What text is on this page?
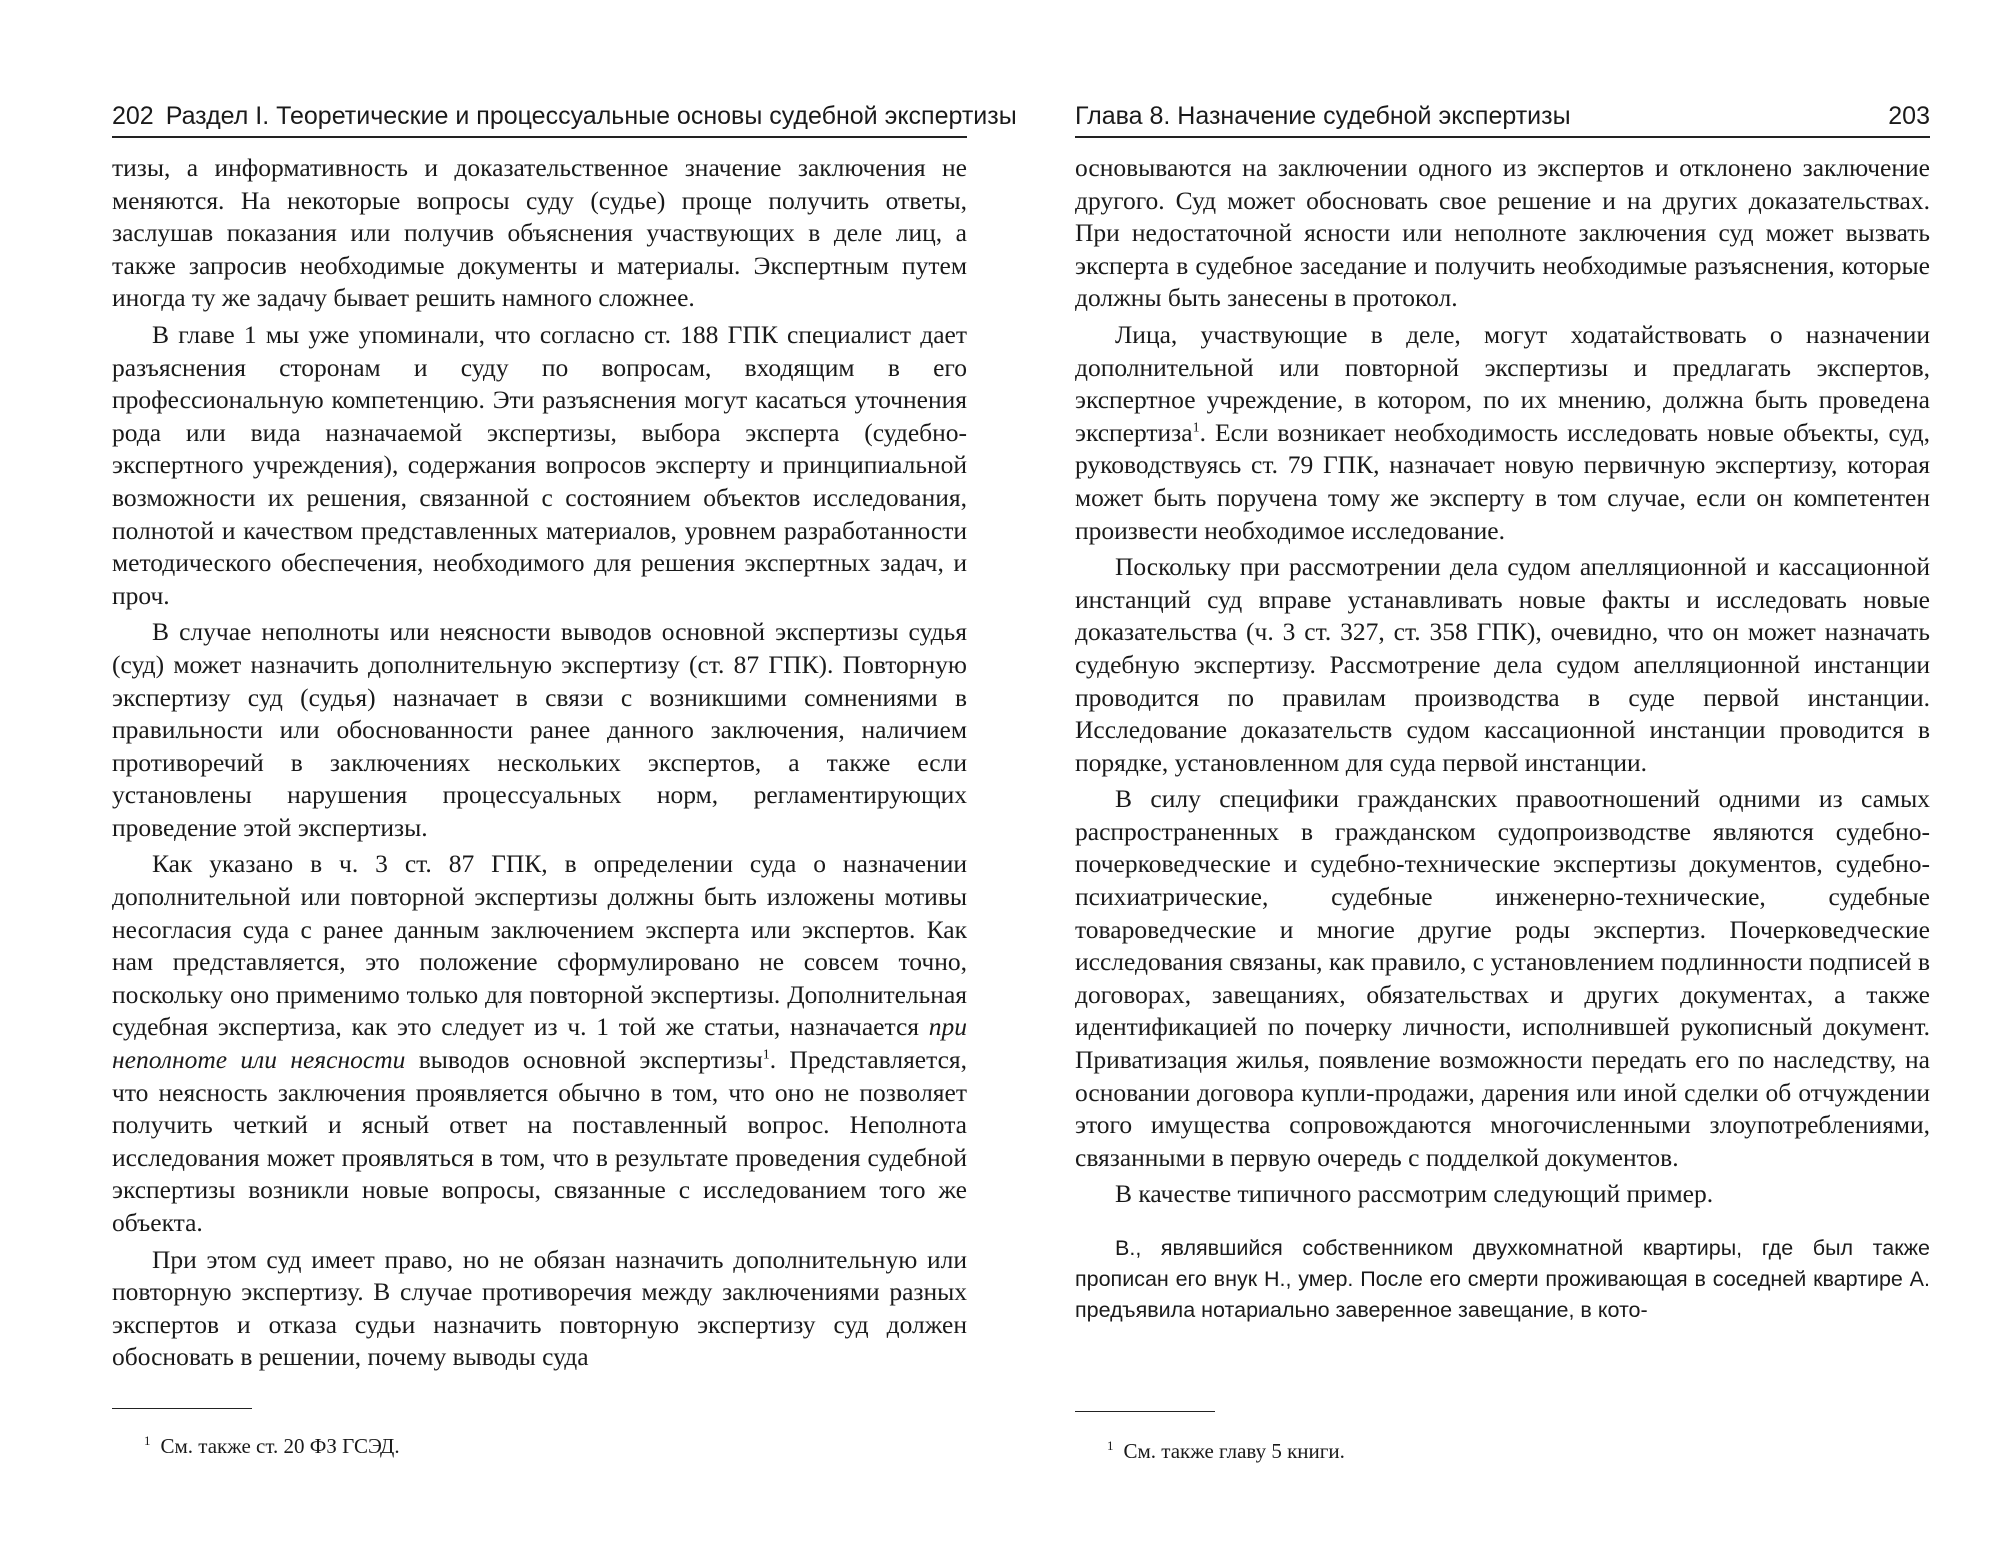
202 Раздел I. Теоретические и процессуальные основы судебной экспертизы

тизы, а информативность и доказательственное значение заключения не меняются. На некоторые вопросы суду (судье) проще получить ответы, заслушав показания или получив объяснения участвующих в деле лиц, а также запросив необходимые документы и материалы. Экспертным путем иногда ту же задачу бывает решить намного сложнее.

В главе 1 мы уже упоминали, что согласно ст. 188 ГПК специалист дает разъяснения сторонам и суду по вопросам, входящим в его профессиональную компетенцию. Эти разъяснения могут касаться уточнения рода или вида назначаемой экспертизы, выбора эксперта (судебно-экспертного учреждения), содержания вопросов эксперту и принципиальной возможности их решения, связанной с состоянием объектов исследования, полнотой и качеством представленных материалов, уровнем разработанности методического обеспечения, необходимого для решения экспертных задач, и проч.

В случае неполноты или неясности выводов основной экспертизы судья (суд) может назначить дополнительную экспертизу (ст. 87 ГПК). Повторную экспертизу суд (судья) назначает в связи с возникшими сомнениями в правильности или обоснованности ранее данного заключения, наличием противоречий в заключениях нескольких экспертов, а также если установлены нарушения процессуальных норм, регламентирующих проведение этой экспертизы.

Как указано в ч. 3 ст. 87 ГПК, в определении суда о назначении дополнительной или повторной экспертизы должны быть изложены мотивы несогласия суда с ранее данным заключением эксперта или экспертов. Как нам представляется, это положение сформулировано не совсем точно, поскольку оно применимо только для повторной экспертизы. Дополнительная судебная экспертиза, как это следует из ч. 1 той же статьи, назначается при неполноте или неясности выводов основной экспертизы$^1$. Представляется, что неясность заключения проявляется обычно в том, что оно не позволяет получить четкий и ясный ответ на поставленный вопрос. Неполнота исследования может проявляться в том, что в результате проведения судебной экспертизы возникли новые вопросы, связанные с исследованием того же объекта.

При этом суд имеет право, но не обязан назначить дополнительную или повторную экспертизу. В случае противоречия между заключениями разных экспертов и отказа судьи назначить повторную экспертизу суд должен обосновать в решении, почему выводы суда

$^1$ См. также ст. 20 ФЗ ГСЭД.
Глава 8. Назначение судебной экспертизы	203

основываются на заключении одного из экспертов и отклонено заключение другого. Суд может обосновать свое решение и на других доказательствах. При недостаточной ясности или неполноте заключения суд может вызвать эксперта в судебное заседание и получить необходимые разъяснения, которые должны быть занесены в протокол.

Лица, участвующие в деле, могут ходатайствовать о назначении дополнительной или повторной экспертизы и предлагать экспертов, экспертное учреждение, в котором, по их мнению, должна быть проведена экспертиза$^1$. Если возникает необходимость исследовать новые объекты, суд, руководствуясь ст. 79 ГПК, назначает новую первичную экспертизу, которая может быть поручена тому же эксперту в том случае, если он компетентен произвести необходимое исследование.

Поскольку при рассмотрении дела судом апелляционной и кассационной инстанций суд вправе устанавливать новые факты и исследовать новые доказательства (ч. 3 ст. 327, ст. 358 ГПК), очевидно, что он может назначать судебную экспертизу. Рассмотрение дела судом апелляционной инстанции проводится по правилам производства в суде первой инстанции. Исследование доказательств судом кассационной инстанции проводится в порядке, установленном для суда первой инстанции.

В силу специфики гражданских правоотношений одними из самых распространенных в гражданском судопроизводстве являются судебно-почерковедческие и судебно-технические экспертизы документов, судебно-психиатрические, судебные инженерно-технические, судебные товароведческие и многие другие роды экспертиз. Почерковедческие исследования связаны, как правило, с установлением подлинности подписей в договорах, завещаниях, обязательствах и других документах, а также идентификацией по почерку личности, исполнившей рукописный документ. Приватизация жилья, появление возможности передать его по наследству, на основании договора купли-продажи, дарения или иной сделки об отчуждении этого имущества сопровождаются многочисленными злоупотреблениями, связанными в первую очередь с подделкой документов.

В качестве типичного рассмотрим следующий пример.

В., являвшийся собственником двухкомнатной квартиры, где был также прописан его внук Н., умер. После его смерти проживающая в соседней квартире А. предъявила нотариально заверенное завещание, в кото-

$^1$ См. также главу 5 книги.
